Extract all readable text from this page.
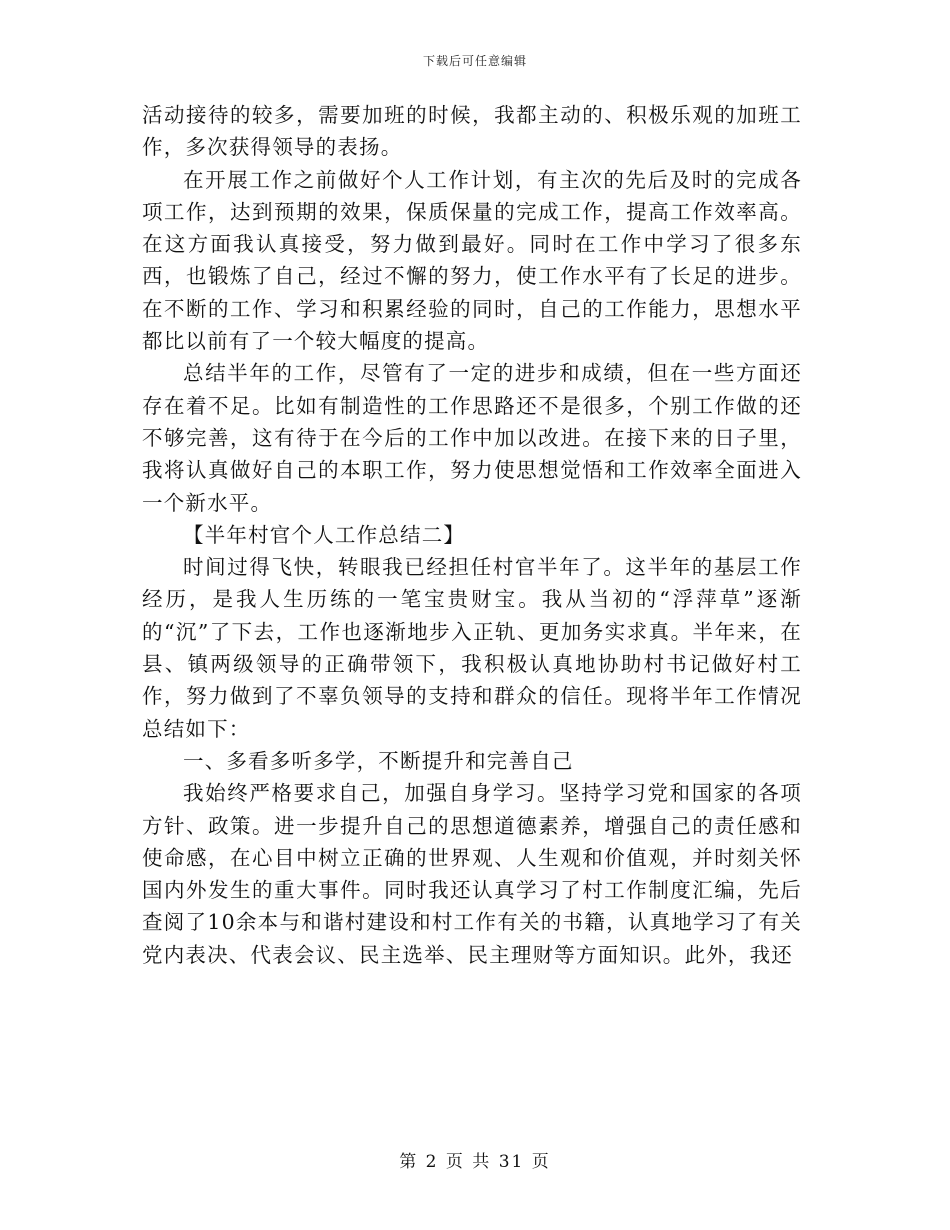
下载后可任意编辑

活动接待的较多，需要加班的时候，我都主动的、积极乐观的加班工作，多次获得领导的表扬。

在开展工作之前做好个人工作计划，有主次的先后及时的完成各项工作，达到预期的效果，保质保量的完成工作，提高工作效率高。在这方面我认真接受，努力做到最好。同时在工作中学习了很多东西，也锻炼了自己，经过不懈的努力，使工作水平有了长足的进步。在不断的工作、学习和积累经验的同时，自己的工作能力，思想水平都比以前有了一个较大幅度的提高。

总结半年的工作，尽管有了一定的进步和成绩，但在一些方面还存在着不足。比如有制造性的工作思路还不是很多，个别工作做的还不够完善，这有待于在今后的工作中加以改进。在接下来的日子里，我将认真做好自己的本职工作，努力使思想觉悟和工作效率全面进入一个新水平。

【半年村官个人工作总结二】

时间过得飞快，转眼我已经担任村官半年了。这半年的基层工作经历，是我人生历练的一笔宝贵财宝。我从当初的“浮萍草”逐渐的“沉”了下去，工作也逐渐地步入正轨、更加务实求真。半年来，在县、镇两级领导的正确带领下，我积极认真地协助村书记做好村工作，努力做到了不辜负领导的支持和群众的信任。现将半年工作情况总结如下：

一、多看多听多学，不断提升和完善自己

我始终严格要求自己，加强自身学习。坚持学习党和国家的各项方针、政策。进一步提升自己的思想道德素养，增强自己的责任感和使命感，在心目中树立正确的世界观、人生观和价值观，并时刻关怀国内外发生的重大事件。同时我还认真学习了村工作制度汇编，先后查阅了10余本与和谐村建设和村工作有关的书籍，认真地学习了有关党内表决、代表会议、民主选举、民主理财等方面知识。此外，我还

第 2 页 共 31 页
